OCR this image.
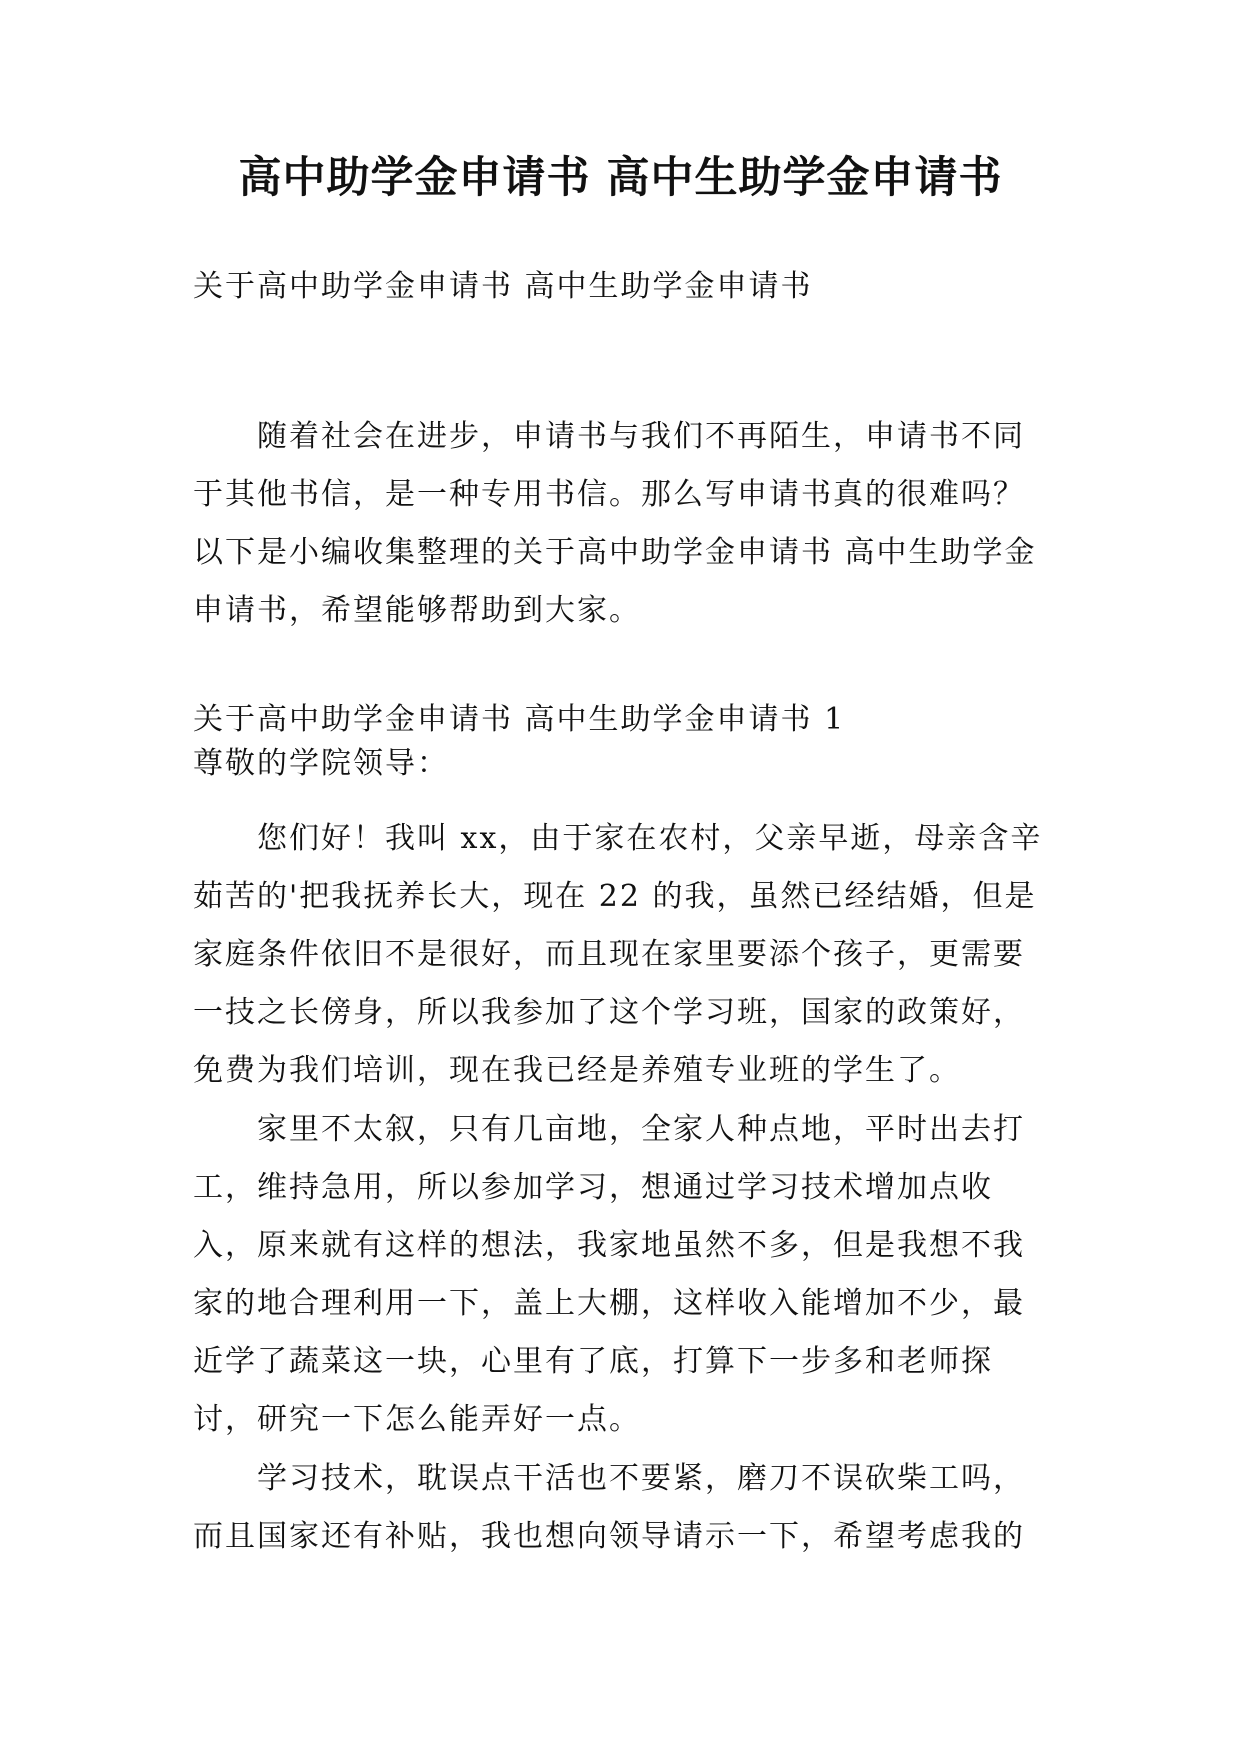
高中助学金申请书 高中生助学金申请书

关于高中助学金申请书 高中生助学金申请书

随着社会在进步，申请书与我们不再陌生，申请书不同于其他书信，是一种专用书信。那么写申请书真的很难吗？以下是小编收集整理的关于高中助学金申请书 高中生助学金申请书，希望能够帮助到大家。

关于高中助学金申请书 高中生助学金申请书 1

尊敬的学院领导：

您们好！我叫 xx，由于家在农村，父亲早逝，母亲含辛茹苦的'把我抚养长大，现在 22 的我，虽然已经结婚，但是家庭条件依旧不是很好，而且现在家里要添个孩子，更需要一技之长傍身，所以我参加了这个学习班，国家的政策好，免费为我们培训，现在我已经是养殖专业班的学生了。

家里不太叙，只有几亩地，全家人种点地，平时出去打工，维持急用，所以参加学习，想通过学习技术增加点收入，原来就有这样的想法，我家地虽然不多，但是我想不我家的地合理利用一下，盖上大棚，这样收入能增加不少，最近学了蔬菜这一块，心里有了底，打算下一步多和老师探讨，研究一下怎么能弄好一点。

学习技术，耽误点干活也不要紧，磨刀不误砍柴工吗，而且国家还有补贴，我也想向领导请示一下，希望考虑我的
